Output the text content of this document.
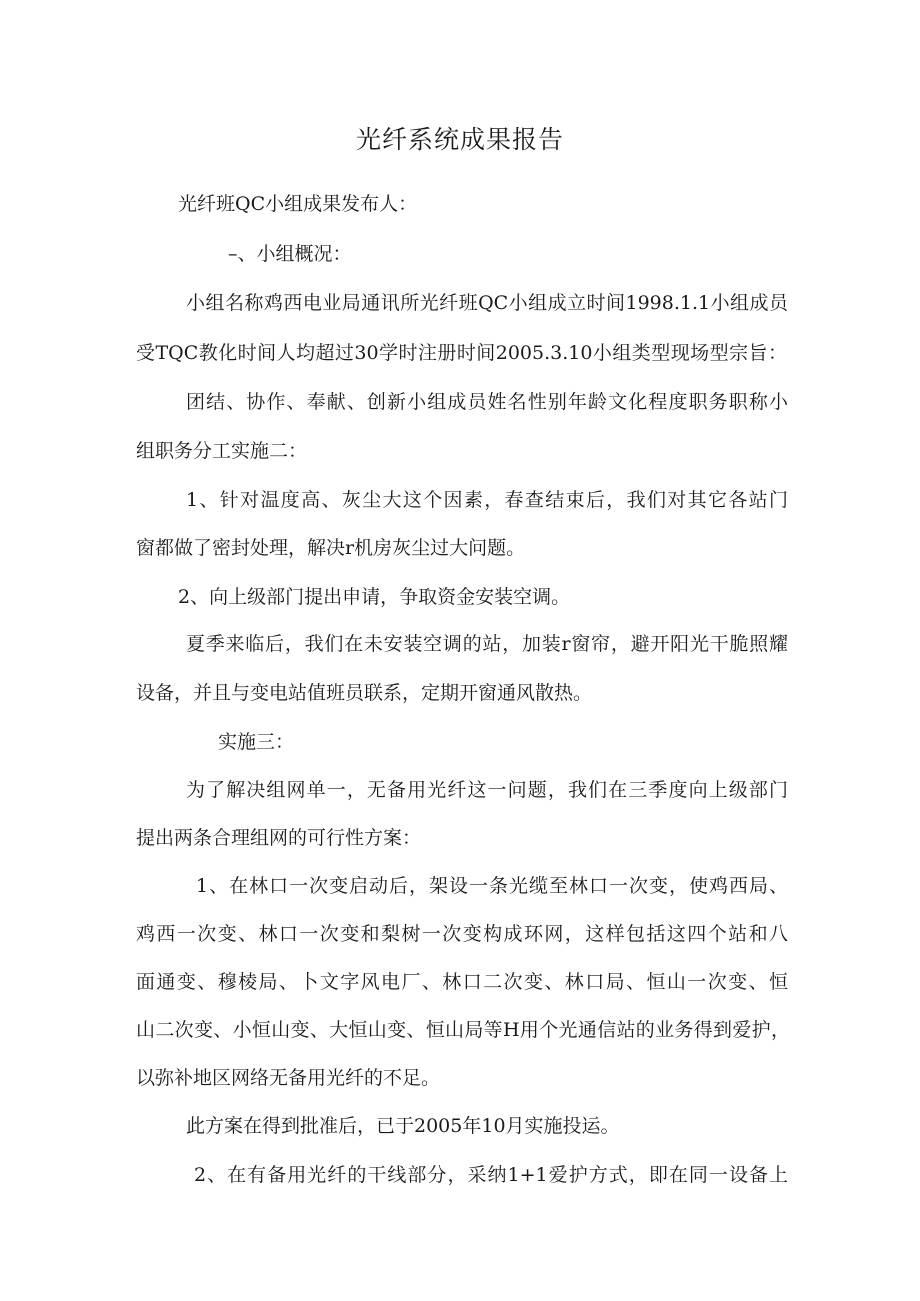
光纤系统成果报告

光纤班QC小组成果发布人：

–、小组概况：

小组名称鸡西电业局通讯所光纤班QC小组成立时间1998.1.1小组成员

受TQC教化时间人均超过30学时注册时间2005.3.10小组类型现场型宗旨：

团结、协作、奉献、创新小组成员姓名性别年龄文化程度职务职称小

组职务分工实施二：

1、针对温度高、灰尘大这个因素，春查结束后，我们对其它各站门

窗都做了密封处理，解决r机房灰尘过大问题。

2、向上级部门提出申请，争取资金安装空调。

夏季来临后，我们在未安装空调的站，加装r窗帘，避开阳光干脆照耀

设备，并且与变电站值班员联系，定期开窗通风散热。

实施三：

为了解决组网单一，无备用光纤这一问题，我们在三季度向上级部门

提出两条合理组网的可行性方案：

1、在林口一次变启动后，架设一条光缆至林口一次变，使鸡西局、

鸡西一次变、林口一次变和梨树一次变构成环网，这样包括这四个站和八

面通变、穆棱局、卜文字风电厂、林口二次变、林口局、恒山一次变、恒

山二次变、小恒山变、大恒山变、恒山局等H用个光通信站的业务得到爱护，

以弥补地区网络无备用光纤的不足。

此方案在得到批准后，已于2005年10月实施投运。

2、在有备用光纤的干线部分，采纳1+1爱护方式，即在同一设备上
